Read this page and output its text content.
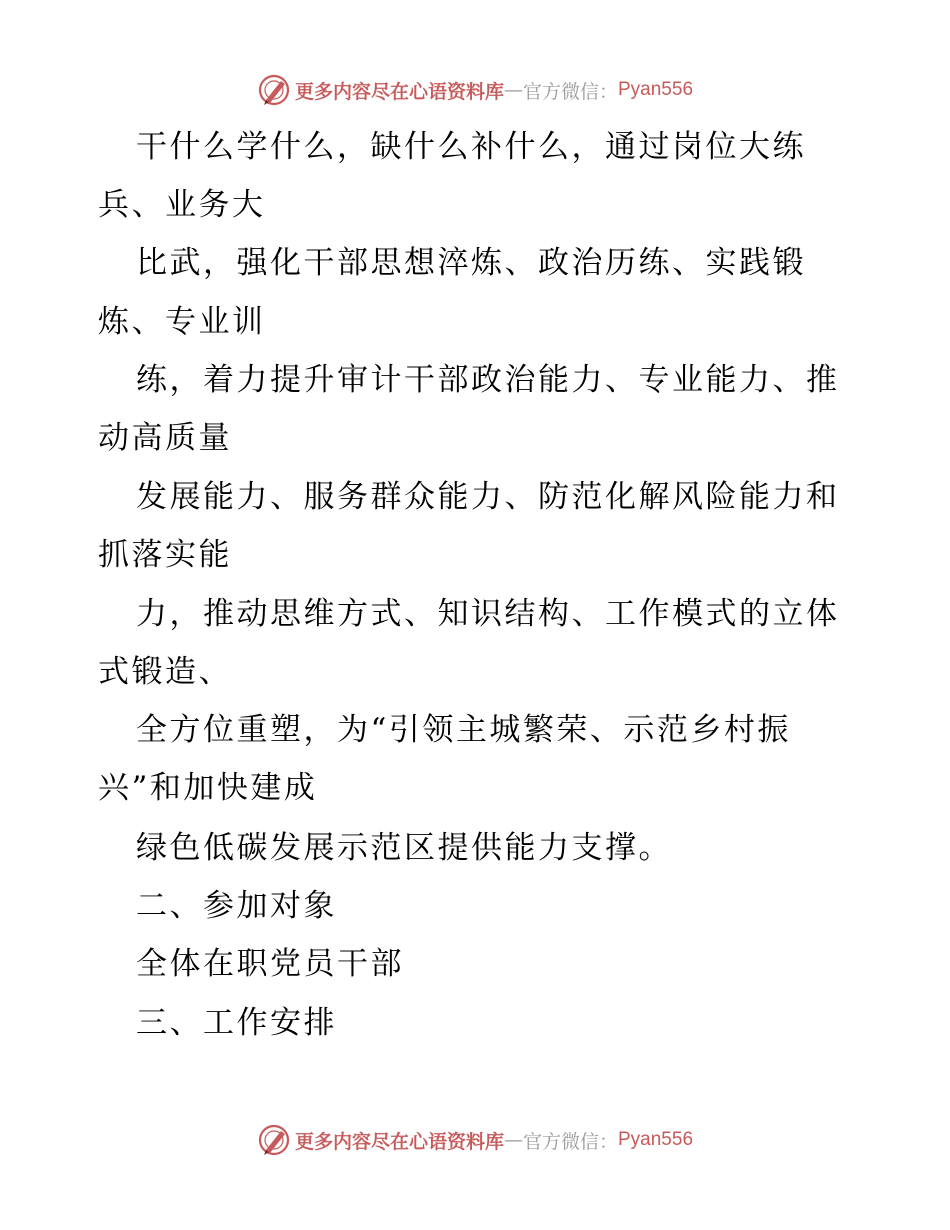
更多内容尽在心语资料库 — 官方微信： Pyan556
干什么学什么，缺什么补什么，通过岗位大练
兵、业务大
比武，强化干部思想淬炼、政治历练、实践锻
炼、专业训
练，着力提升审计干部政治能力、专业能力、推
动高质量
发展能力、服务群众能力、防范化解风险能力和
抓落实能
力，推动思维方式、知识结构、工作模式的立体
式锻造、
全方位重塑，为“引领主城繁荣、示范乡村振
兴”和加快建成
绿色低碳发展示范区提供能力支撑。
二、参加对象
全体在职党员干部
三、工作安排
更多内容尽在心语资料库 — 官方微信： Pyan556
